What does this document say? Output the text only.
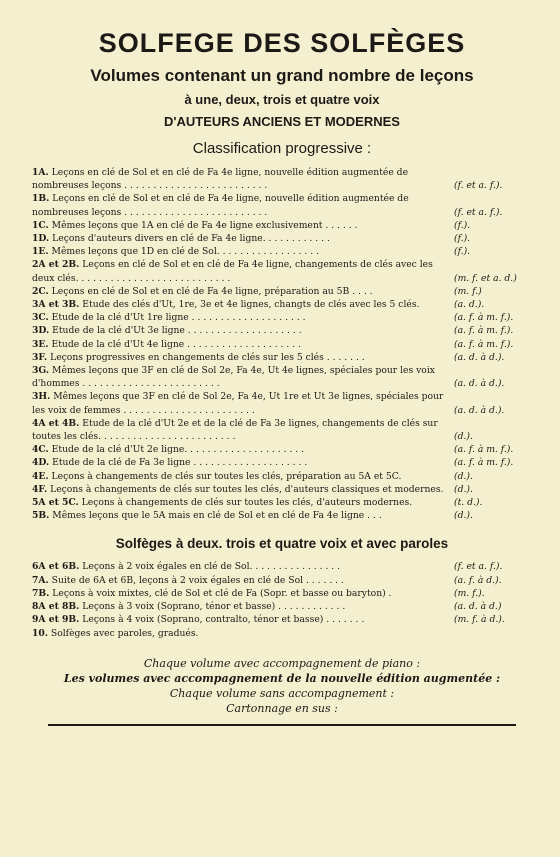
SOLFEGE DES SOLFÈGES
Volumes contenant un grand nombre de leçons
à une, deux, trois et quatre voix
D'AUTEURS ANCIENS ET MODERNES
Classification progressive :
1A. Leçons en clé de Sol et en clé de Fa 4e ligne, nouvelle édition augmentée de nombreuses leçons . . . . . . . . . . . . . . . . . . . . . . . . .	(f. et a. f.).
1B. Leçons en clé de Sol et en clé de Fa 4e ligne, nouvelle édition augmentée de nombreuses leçons . . . . . . . . . . . . . . . . . . . . . . . . .	(f. et a. f.).
1C. Mêmes leçons que 1A en clé de Fa 4e ligne exclusivement . . . . . .	(f.).
1D. Leçons d'auteurs divers en clé de Fa 4e ligne. . . . . . . . . . . .	(f.).
1E. Mêmes leçons que 1D en clé de Sol. . . . . . . . . . . . . . . . . .	(f.).
2A et 2B. Leçons en clé de Sol et en clé de Fa 4e ligne, changements de clés avec les deux clés. . . . . . . . . . . . . . . . . . . . . . . . . . .	(m. f. et a. d.)
2C. Leçons en clé de Sol et en clé de Fa 4e ligne, préparation au 5B . . . .	(m. f.)
3A et 3B. Etude des clés d'Ut, 1re, 3e et 4e lignes, changts de clés avec les 5 clés.	(a. d.).
3C. Etude de la clé d'Ut 1re ligne . . . . . . . . . . . . . . . . . . . .	(a. f. à m. f.).
3D. Etude de la clé d'Ut 3e ligne . . . . . . . . . . . . . . . . . . . .	(a. f. à m. f.).
3E. Etude de la clé d'Ut 4e ligne . . . . . . . . . . . . . . . . . . . .	(a. f. à m. f.).
3F. Leçons progressives en changements de clés sur les 5 clés . . . . . . .	(a. d. à d.).
3G. Mêmes leçons que 3F en clé de Sol 2e, Fa 4e, Ut 4e lignes, spéciales pour les voix d'hommes . . . . . . . . . . . . . . . . . . . . . . . .	(a. d. à d.).
3H. Mêmes leçons que 3F en clé de Sol 2e, Fa 4e, Ut 1re et Ut 3e lignes, spéciales pour les voix de femmes . . . . . . . . . . . . . . . . . . . . . . .	(a. d. à d.).
4A et 4B. Etude de la clé d'Ut 2e et de la clé de Fa 3e lignes, changements de clés sur toutes les clés. . . . . . . . . . . . . . . . . . . . . . . .	(d.).
4C. Etude de la clé d'Ut 2e ligne. . . . . . . . . . . . . . . . . . . . .	(a. f. à m. f.).
4D. Etude de la clé de Fa 3e ligne . . . . . . . . . . . . . . . . . . . .	(a. f. à m. f.).
4E. Leçons à changements de clés sur toutes les clés, préparation au 5A et 5C.	(d.).
4F. Leçons à changements de clés sur toutes les clés, d'auteurs classiques et modernes.	(d.).
5A et 5C. Leçons à changements de clés sur toutes les clés, d'auteurs modernes.	(t. d.).
5B. Mêmes leçons que le 5A mais en clé de Sol et en clé de Fa 4e ligne . . .	(d.).
Solfèges à deux. trois et quatre voix et avec paroles
6A et 6B. Leçons à 2 voix égales en clé de Sol. . . . . . . . . . . . . . . .	(f. et a. f.).
7A. Suite de 6A et 6B, leçons à 2 voix égales en clé de Sol . . . . . . .	(a. f. à d.).
7B. Leçons à voix mixtes, clé de Sol et clé de Fa (Sopr. et basse ou baryton) .	(m. f.).
8A et 8B. Leçons à 3 voix (Soprano, ténor et basse) . . . . . . . . . . . .	(a. d. à d.)
9A et 9B. Leçons à 4 voix (Soprano, contralto, ténor et basse) . . . . . . .	(m. f. à d.).
10. Solfèges avec paroles, gradués.
Chaque volume avec accompagnement de piano :
Les volumes avec accompagnement de la nouvelle édition augmentée :
Chaque volume sans accompagnement :
Cartonnage en sus :
